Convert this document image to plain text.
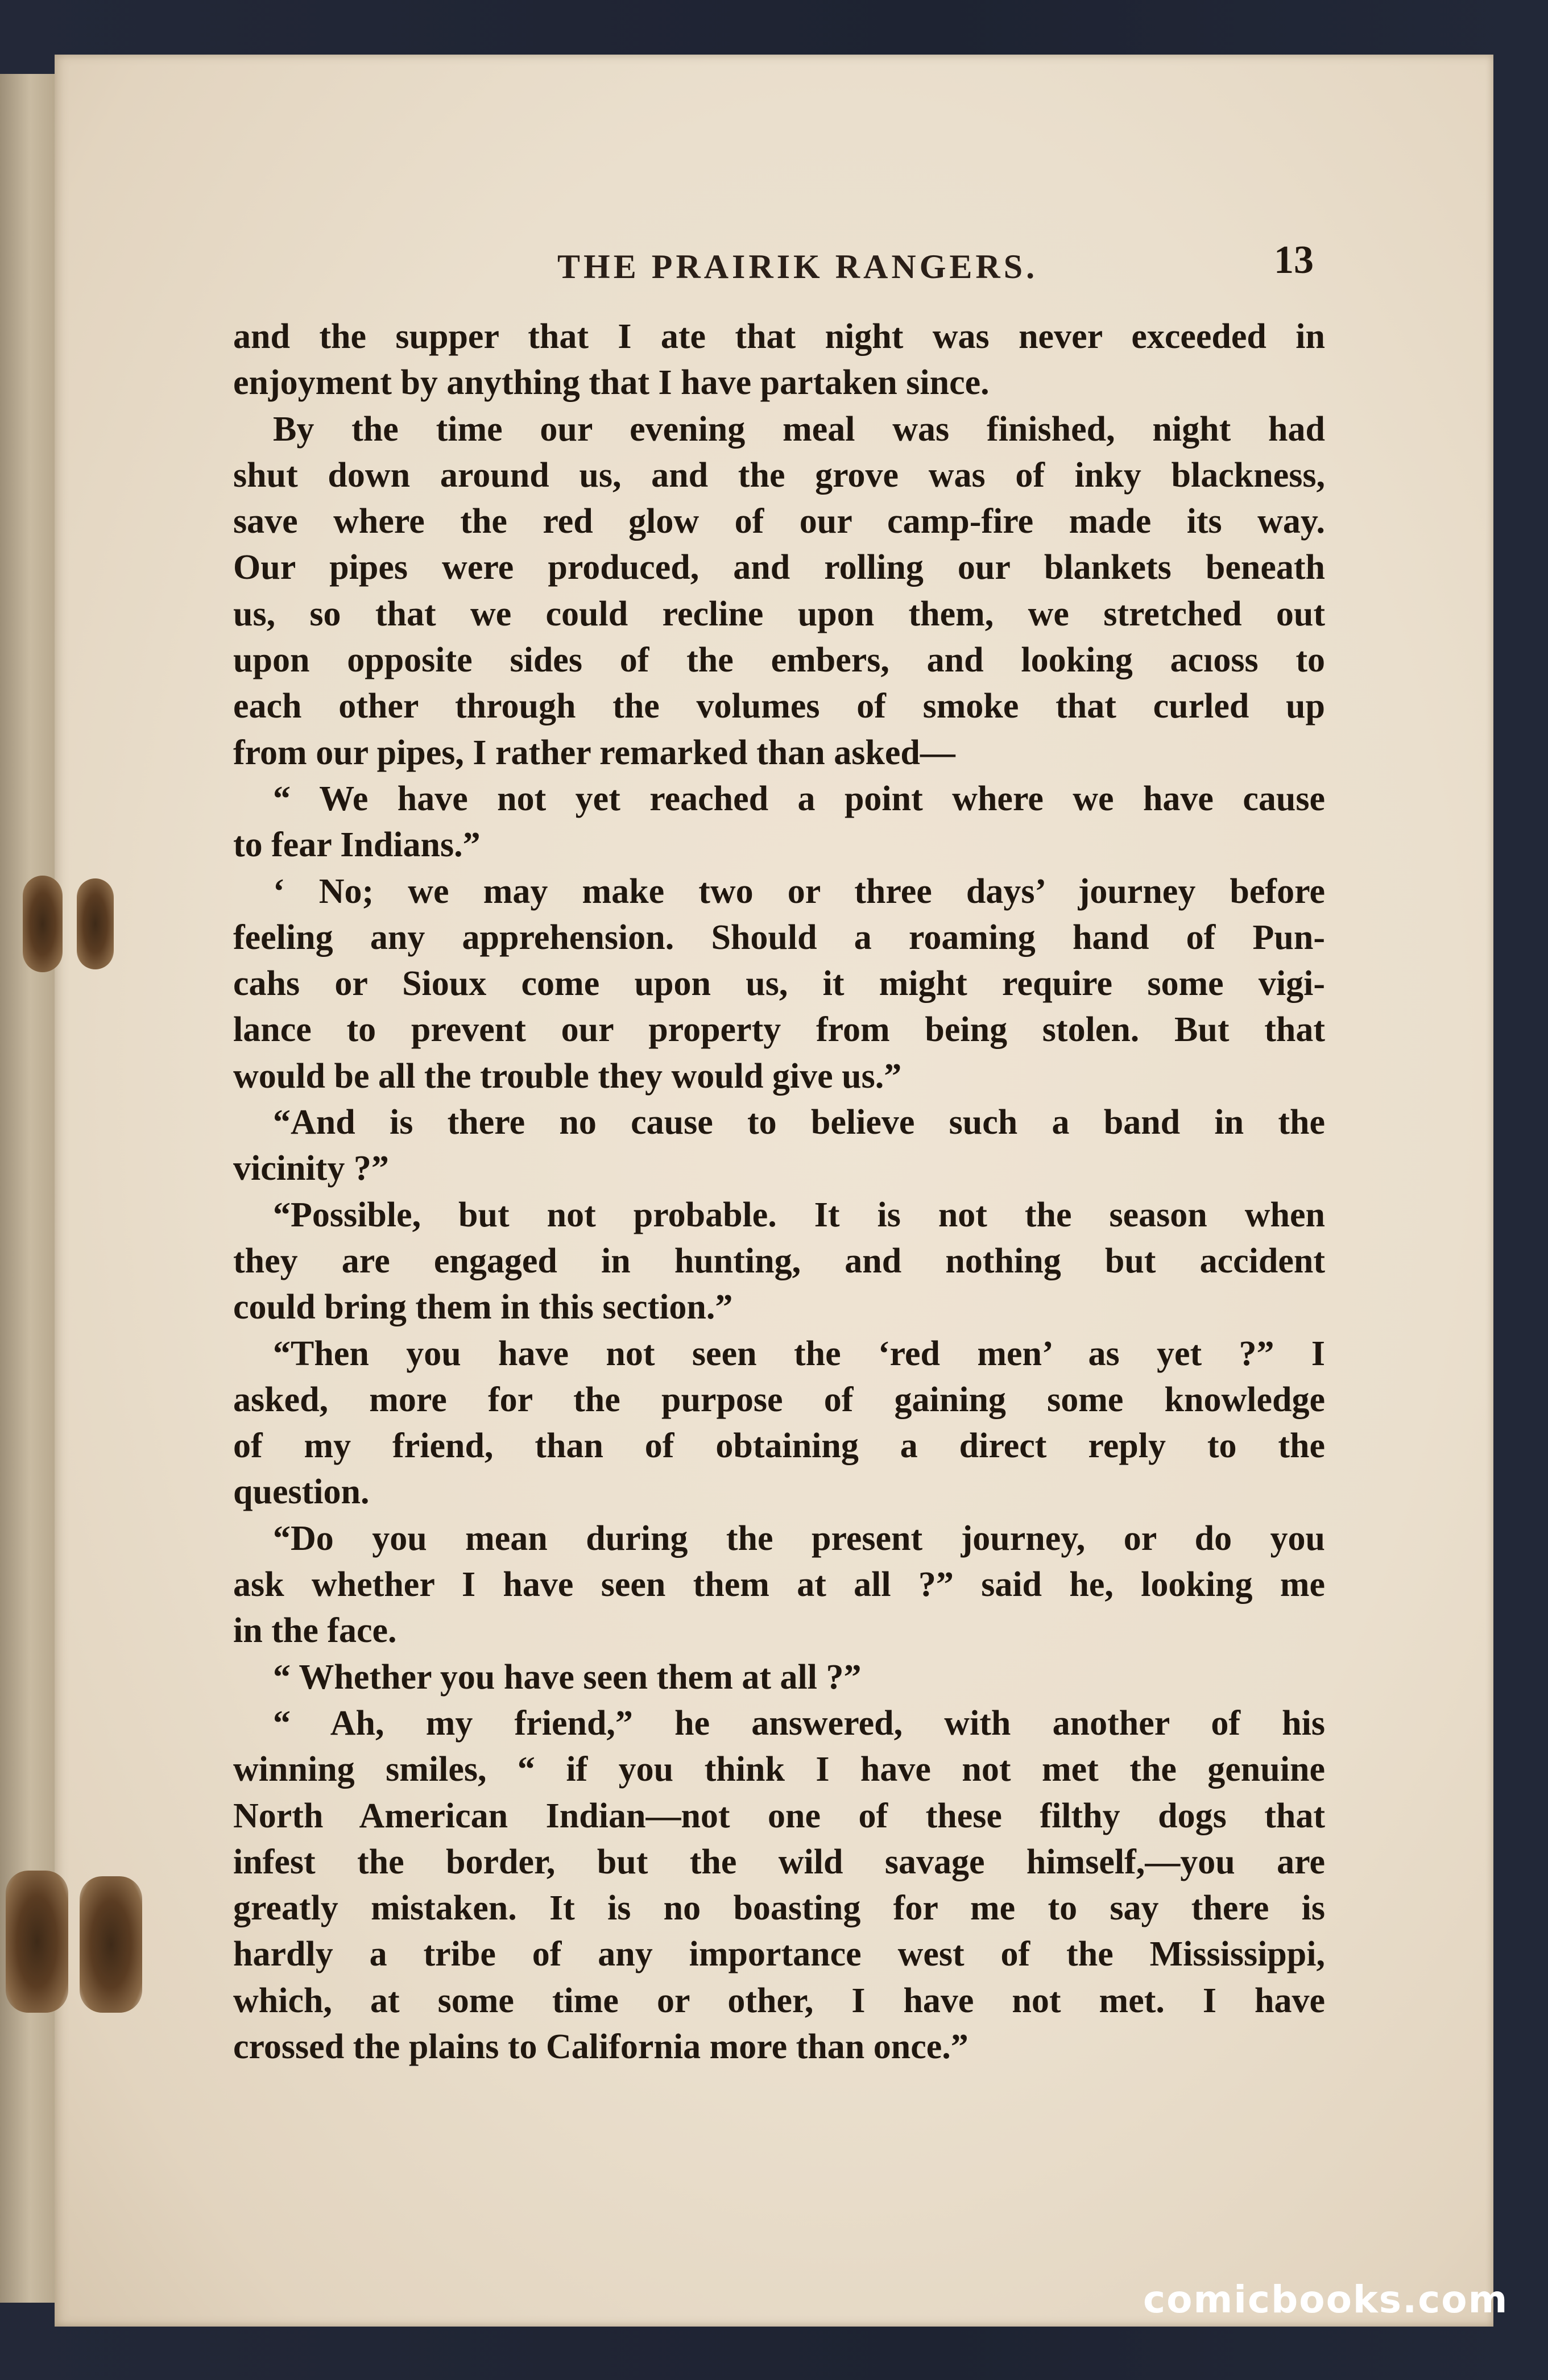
THE PRAIRIK RANGERS.	13
and the supper that I ate that night was never exceeded in
enjoyment by anything that I have partaken since.
By the time our evening meal was finished, night had
shut down around us, and the grove was of inky blackness,
save where the red glow of our camp-fire made its way.
Our pipes were produced, and rolling our blankets beneath
us, so that we could recline upon them, we stretched out
upon opposite sides of the embers, and looking acıoss to
each other through the volumes of smoke that curled up
from our pipes, I rather remarked than asked—
“ We have not yet reached a point where we have cause
to fear Indians.”
‘ No; we may make two or three days’ journey before
feeling any apprehension. Should a roaming hand of Pun-
cahs or Sioux come upon us, it might require some vigi-
lance to prevent our property from being stolen. But that
would be all the trouble they would give us.”
“And is there no cause to believe such a band in the
vicinity ?”
“Possible, but not probable. It is not the season when
they are engaged in hunting, and nothing but accident
could bring them in this section.”
“Then you have not seen the ‘red men’ as yet ?” I
asked, more for the purpose of gaining some knowledge
of my friend, than of obtaining a direct reply to the
question.
“Do you mean during the present journey, or do you
ask whether I have seen them at all ?” said he, looking me
in the face.
“ Whether you have seen them at all ?”
“ Ah, my friend,” he answered, with another of his
winning smiles, “ if you think I have not met the genuine
North American Indian—not one of these filthy dogs that
infest the border, but the wild savage himself,—you are
greatly mistaken. It is no boasting for me to say there is
hardly a tribe of any importance west of the Mississippi,
which, at some time or other, I have not met. I have
crossed the plains to California more than once.”
comicbooks.com
